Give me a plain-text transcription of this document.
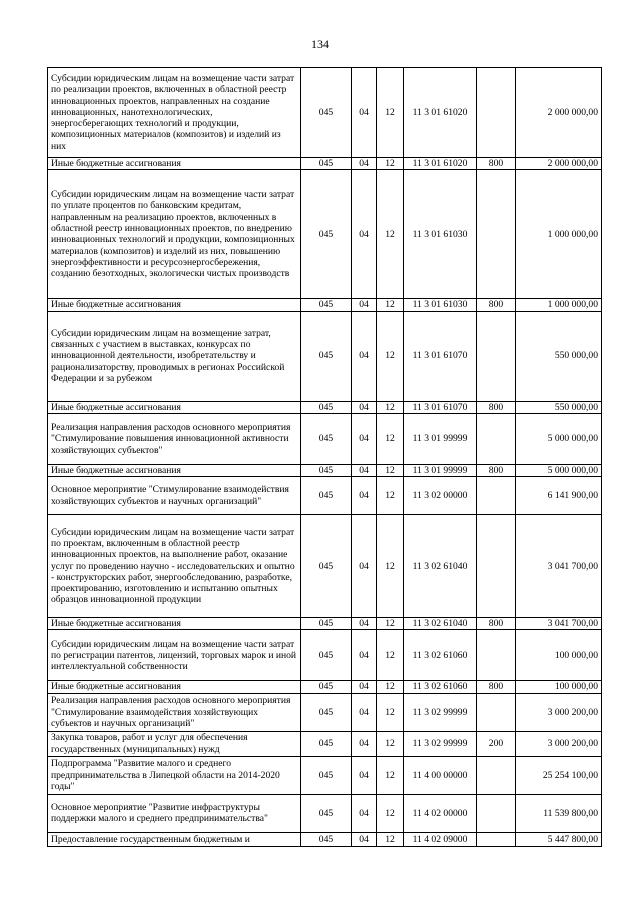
134
Субсидии юридическим лицам на возмещение части затрат по реализации проектов, включенных в областной реестр инновационных проектов, направленных на создание инновационных, нанотехнологических, энергосберегающих технологий и продукции, композиционных материалов (композитов) и изделий из них	045	04	12	11 3 01 61020		2 000 000,00
Иные бюджетные ассигнования	045	04	12	11 3 01 61020	800	2 000 000,00
Субсидии юридическим лицам на возмещение части затрат по уплате процентов по банковским кредитам, направленным на реализацию проектов, включенных в областной реестр инновационных проектов, по внедрению инновационных технологий и продукции, композиционных материалов (композитов) и изделий из них, повышению энергоэффективности и ресурсоэнергосбережения, созданию безотходных, экологически чистых производств	045	04	12	11 3 01 61030		1 000 000,00
Иные бюджетные ассигнования	045	04	12	11 3 01 61030	800	1 000 000,00
Субсидии юридическим лицам на возмещение затрат, связанных с участием в выставках, конкурсах по инновационной деятельности, изобретательству и рационализаторству, проводимых в регионах Российской Федерации и за рубежом	045	04	12	11 3 01 61070		550 000,00
Иные бюджетные ассигнования	045	04	12	11 3 01 61070	800	550 000,00
Реализация направления расходов основного мероприятия "Стимулирование повышения инновационной активности хозяйствующих субъектов"	045	04	12	11 3 01 99999		5 000 000,00
Иные бюджетные ассигнования	045	04	12	11 3 01 99999	800	5 000 000,00
Основное мероприятие "Стимулирование взаимодействия хозяйствующих субъектов и научных организаций"	045	04	12	11 3 02 00000		6 141 900,00
Субсидии юридическим лицам на возмещение части затрат по проектам, включенным в областной реестр инновационных проектов, на выполнение работ, оказание услуг по проведению научно - исследовательских и опытно - конструкторских работ, энергообследованию, разработке, проектированию, изготовлению и испытанию опытных образцов инновационной продукции	045	04	12	11 3 02 61040		3 041 700,00
Иные бюджетные ассигнования	045	04	12	11 3 02 61040	800	3 041 700,00
Субсидии юридическим лицам на возмещение части затрат по регистрации патентов, лицензий, торговых марок и иной интеллектуальной собственности	045	04	12	11 3 02 61060		100 000,00
Иные бюджетные ассигнования	045	04	12	11 3 02 61060	800	100 000,00
Реализация направления расходов основного мероприятия "Стимулирование взаимодействия хозяйствующих субъектов и научных организаций"	045	04	12	11 3 02 99999		3 000 200,00
Закупка товаров, работ и услуг для обеспечения государственных (муниципальных) нужд	045	04	12	11 3 02 99999	200	3 000 200,00
Подпрограмма "Развитие малого и среднего предпринимательства в Липецкой области на 2014-2020 годы"	045	04	12	11 4 00 00000		25 254 100,00
Основное мероприятие "Развитие инфраструктуры поддержки малого и среднего предпринимательства"	045	04	12	11 4 02 00000		11 539 800,00
Предоставление государственным бюджетным и	045	04	12	11 4 02 09000		5 447 800,00
